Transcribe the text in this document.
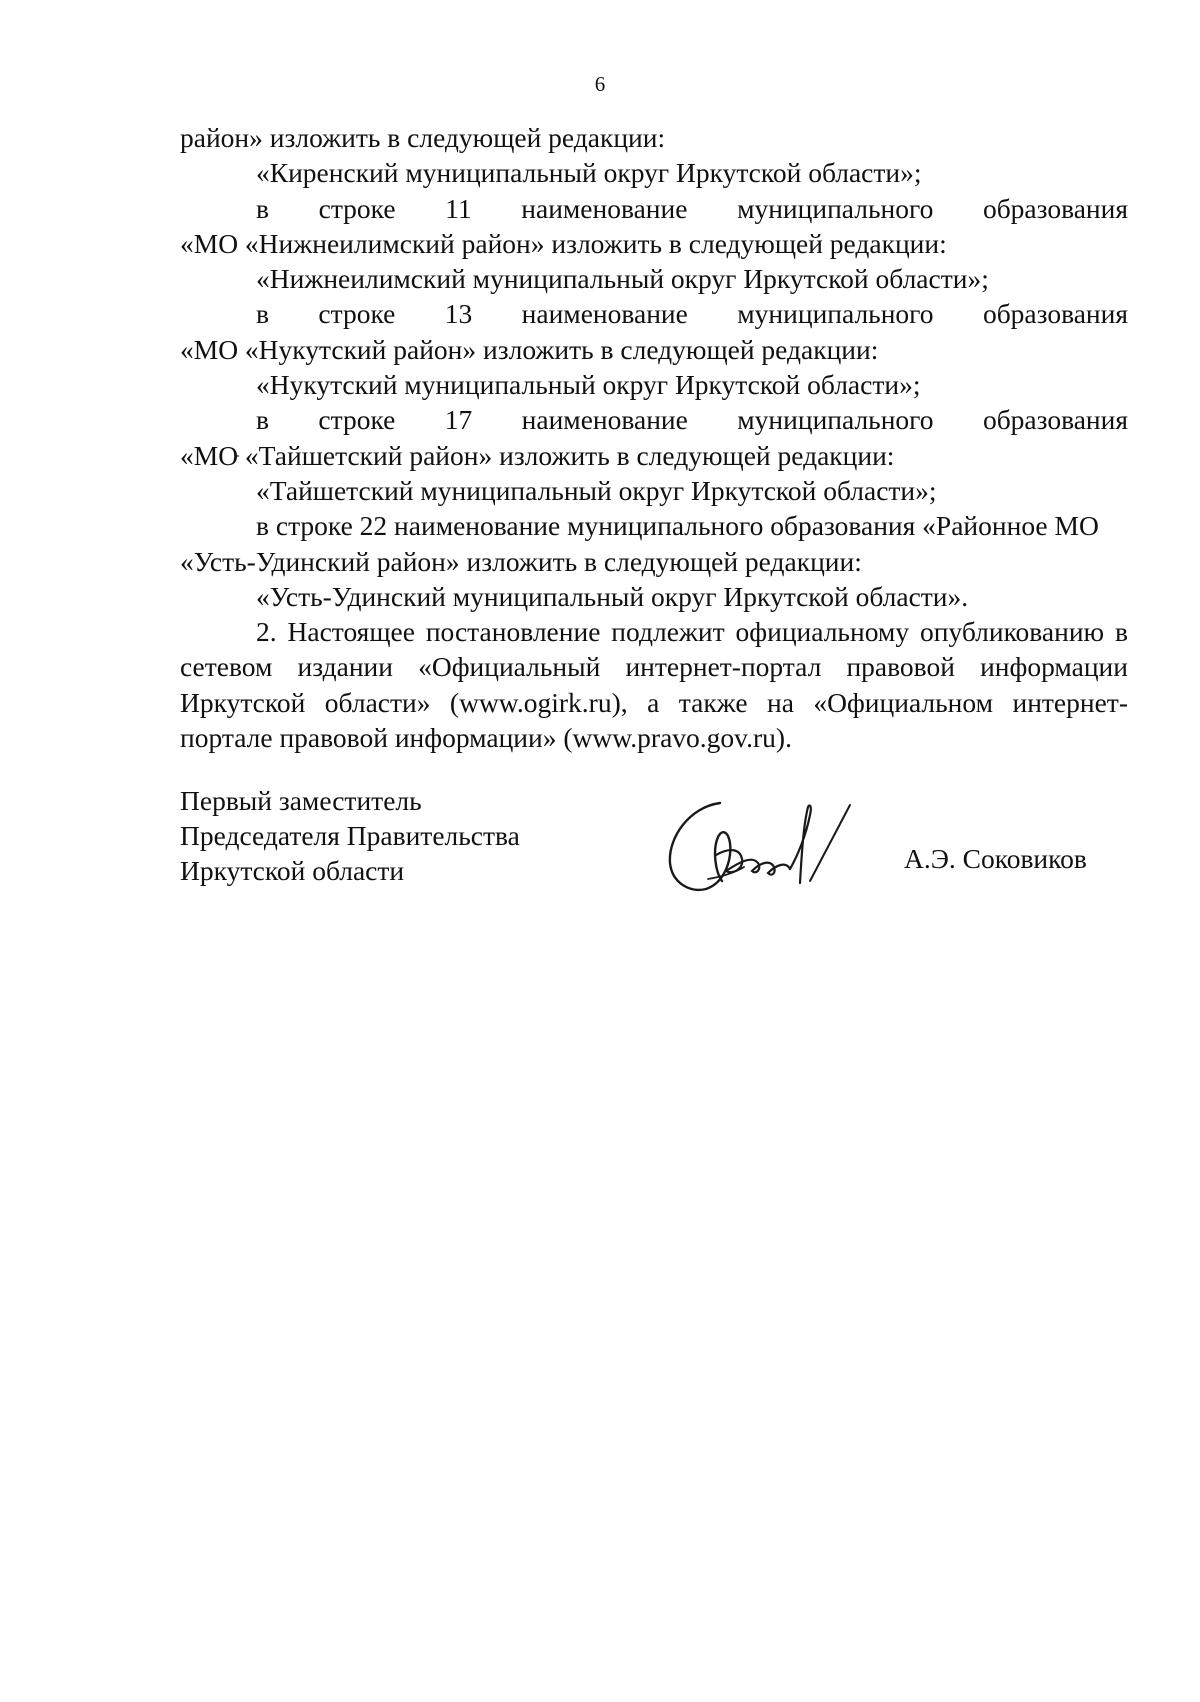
6
район» изложить в следующей редакции:
«Киренский муниципальный округ Иркутской области»;
в строке 11 наименование муниципального образования
«МО «Нижнеилимский район» изложить в следующей редакции:
«Нижнеилимский муниципальный округ Иркутской области»;
в строке 13 наименование муниципального образования
«МО «Нукутский район» изложить в следующей редакции:
«Нукутский муниципальный округ Иркутской области»;
в строке 17 наименование муниципального образования
«МО «Тайшетский район» изложить в следующей редакции:
«Тайшетский муниципальный округ Иркутской области»;
в строке 22 наименование муниципального образования «Районное МО
«Усть-Удинский район» изложить в следующей редакции:
«Усть-Удинский муниципальный округ Иркутской области».
2. Настоящее постановление подлежит официальному опубликованию в сетевом издании «Официальный интернет-портал правовой информации Иркутской области» (www.ogirk.ru), а также на «Официальном интернет-портале правовой информации» (www.pravo.gov.ru).
Первый заместитель
Председателя Правительства
Иркутской области	А.Э. Соковиков
